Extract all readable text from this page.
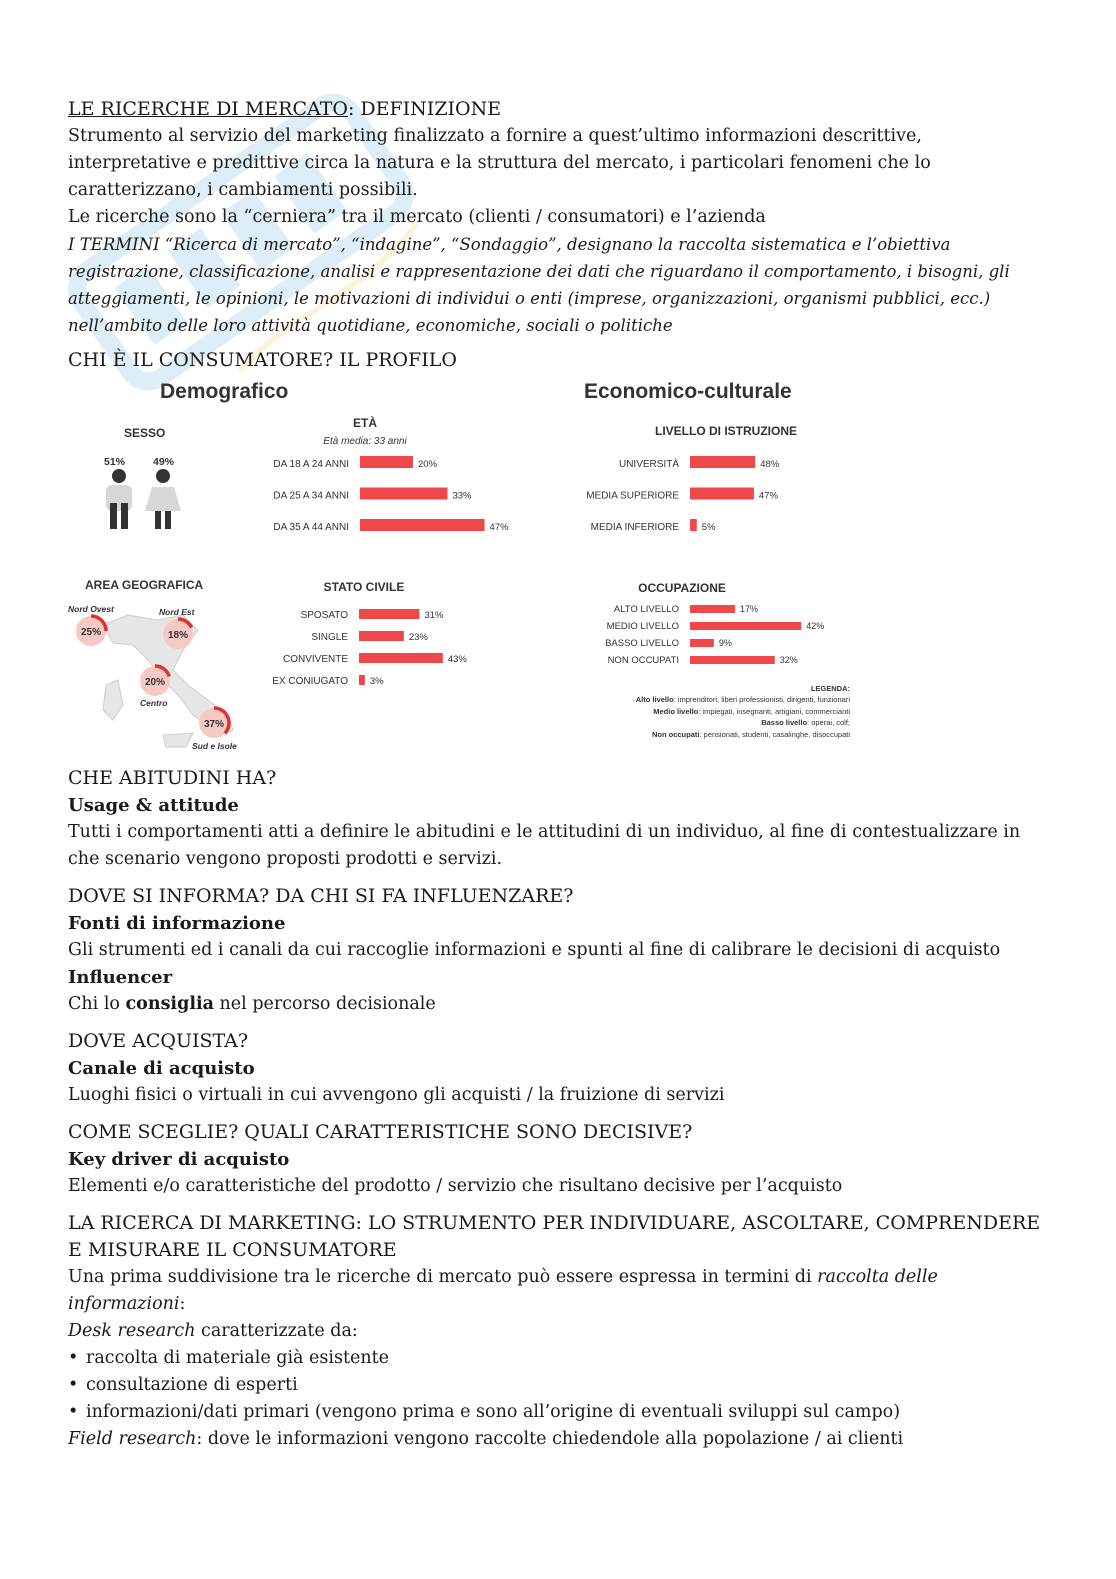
LE RICERCHE DI MERCATO: DEFINIZIONE

Strumento al servizio del marketing finalizzato a fornire a quest’ultimo informazioni descrittive, interpretative e predittive circa la natura e la struttura del mercato, i particolari fenomeni che lo caratterizzano, i cambiamenti possibili.

Le ricerche sono la “cerniera” tra il mercato (clienti / consumatori) e l’azienda

I TERMINI “Ricerca di mercato”, “indagine”, “Sondaggio”, designano la raccolta sistematica e l’obiettiva registrazione, classificazione, analisi e rappresentazione dei dati che riguardano il comportamento, i bisogni, gli atteggiamenti, le opinioni, le motivazioni di individui o enti (imprese, organizzazioni, organismi pubblici, ecc.) nell’ambito delle loro attività quotidiane, economiche, sociali o politiche

CHI È IL CONSUMATORE? IL PROFILO

Demografico	Economico-culturale
SESSO
51%	49%
ETÀ
Età media: 33 anni
DA 18 A 24 ANNI	20%
DA 25 A 34 ANNI	33%
DA 35 A 44 ANNI	47%
LIVELLO DI ISTRUZIONE
UNIVERSITÀ	48%
MEDIA SUPERIORE	47%
MEDIA INFERIORE 5%
AREA GEOGRAFICA
25%
Nord Ovest
18%
Nord Est
20%
Centro
37%
Sud e Isole
STATO CIVILE
SPOSATO	31%
SINGLE	23%
CONVIVENTE	43%
EX CONIUGATO 3%
OCCUPAZIONE
ALTO LIVELLO	17%
MEDIO LIVELLO	42%
BASSO LIVELLO	9%
NON OCCUPATI	32%
LEGENDA:
Alto livello: imprenditori, liberi professionisti, dirigenti, funzionari
Medio livello: impiegati, insegnanti, artigiani, commercianti
Basso livello: operai, colf;
Non occupati: pensionati, studenti, casalinghe, disoccupati

CHE ABITUDINI HA?

Usage & attitude

Tutti i comportamenti atti a definire le abitudini e le attitudini di un individuo, al fine di contestualizzare in che scenario vengono proposti prodotti e servizi.

DOVE SI INFORMA? DA CHI SI FA INFLUENZARE?

Fonti di informazione

Gli strumenti ed i canali da cui raccoglie informazioni e spunti al fine di calibrare le decisioni di acquisto

Influencer

Chi lo consiglia nel percorso decisionale

DOVE ACQUISTA?

Canale di acquisto

Luoghi fisici o virtuali in cui avvengono gli acquisti / la fruizione di servizi

COME SCEGLIE? QUALI CARATTERISTICHE SONO DECISIVE?

Key driver di acquisto

Elementi e/o caratteristiche del prodotto / servizio che risultano decisive per l’acquisto

LA RICERCA DI MARKETING: LO STRUMENTO PER INDIVIDUARE, ASCOLTARE, COMPRENDERE E MISURARE IL CONSUMATORE

Una prima suddivisione tra le ricerche di mercato può essere espressa in termini di raccolta delle informazioni:

Desk research caratterizzate da:

• raccolta di materiale già esistente

• consultazione di esperti

• informazioni/dati primari (vengono prima e sono all’origine di eventuali sviluppi sul campo)

Field research: dove le informazioni vengono raccolte chiedendole alla popolazione / ai clienti
